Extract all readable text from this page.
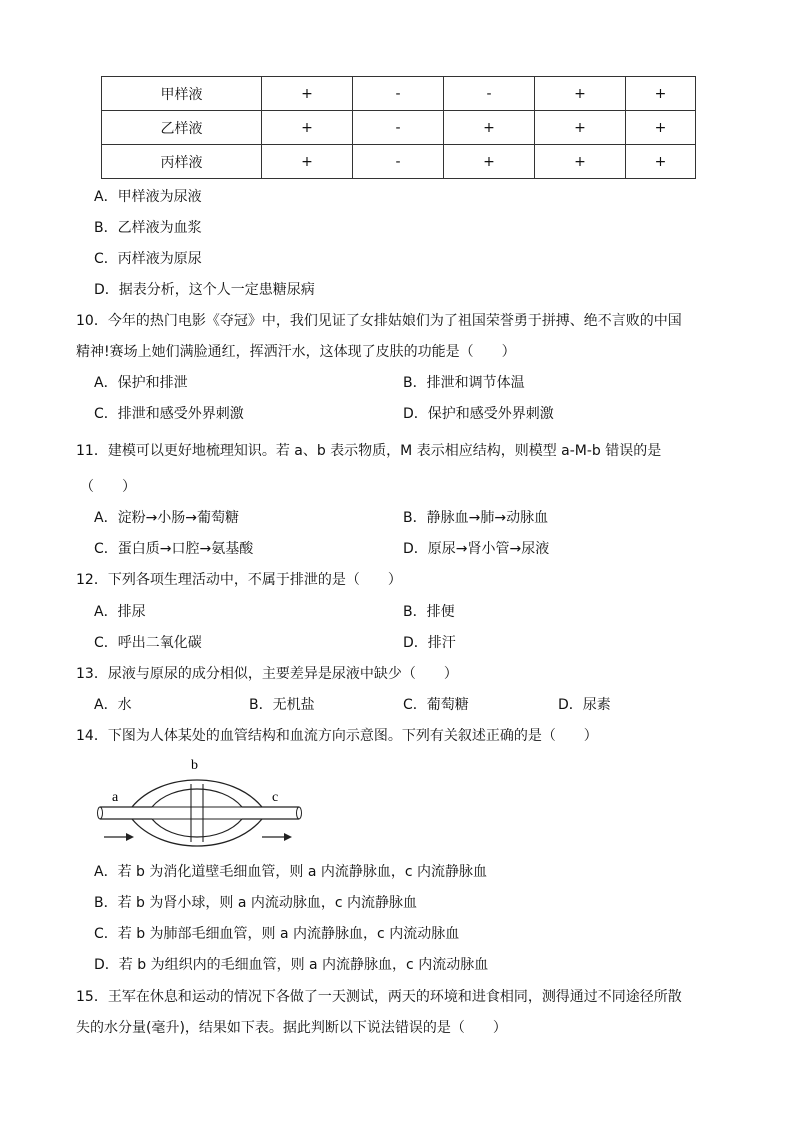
甲样液	+	-	-	+	+
乙样液	+	-	+	+	+
丙样液	+	-	+	+	+
A．甲样液为尿液
B．乙样液为血浆
C．丙样液为原尿
D．据表分析，这个人一定患糖尿病
10．今年的热门电影《夺冠》中，我们见证了女排姑娘们为了祖国荣誉勇于拼搏、绝不言败的中国
精神!赛场上她们满脸通红，挥洒汗水，这体现了皮肤的功能是（　　）
A．保护和排泄	B．排泄和调节体温
C．排泄和感受外界刺激	D．保护和感受外界刺激
11．建模可以更好地梳理知识。若 a、b 表示物质，M 表示相应结构，则模型 a-M-b 错误的是
（　　）
A．淀粉→小肠→葡萄糖	B．静脉血→肺→动脉血
C．蛋白质→口腔→氨基酸	D．原尿→肾小管→尿液
12．下列各项生理活动中，不属于排泄的是（　　）
A．排尿	B．排便
C．呼出二氧化碳	D．排汗
13．尿液与原尿的成分相似，主要差异是尿液中缺少（　　）
A．水	B．无机盐	C．葡萄糖	D．尿素
14．下图为人体某处的血管结构和血流方向示意图。下列有关叙述正确的是（　　）
a
b
c
A．若 b 为消化道壁毛细血管，则 a 内流静脉血，c 内流静脉血
B．若 b 为肾小球，则 a 内流动脉血，c 内流静脉血
C．若 b 为肺部毛细血管，则 a 内流静脉血，c 内流动脉血
D．若 b 为组织内的毛细血管，则 a 内流静脉血，c 内流动脉血
15．王军在休息和运动的情况下各做了一天测试，两天的环境和进食相同，测得通过不同途径所散
失的水分量(毫升)，结果如下表。据此判断以下说法错误的是（　　）
